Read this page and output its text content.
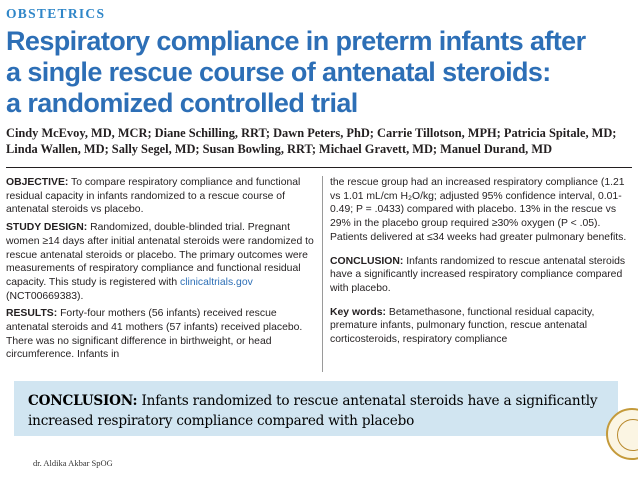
OBSTETRICS
Respiratory compliance in preterm infants after
a single rescue course of antenatal steroids:
a randomized controlled trial
Cindy McEvoy, MD, MCR; Diane Schilling, RRT; Dawn Peters, PhD; Carrie Tillotson, MPH; Patricia Spitale, MD;
Linda Wallen, MD; Sally Segel, MD; Susan Bowling, RRT; Michael Gravett, MD; Manuel Durand, MD

OBJECTIVE: To compare respiratory compliance and functional residual capacity in infants randomized to a rescue course of antenatal steroids vs placebo.

STUDY DESIGN: Randomized, double-blinded trial. Pregnant women ≥14 days after initial antenatal steroids were randomized to rescue antenatal steroids or placebo. The primary outcomes were measurements of respiratory compliance and functional residual capacity. This study is registered with clinicaltrials.gov (NCT00669383).

RESULTS: Forty-four mothers (56 infants) received rescue antenatal steroids and 41 mothers (57 infants) received placebo. There was no significant difference in birthweight, or head circumference. Infants in

the rescue group had an increased respiratory compliance (1.21 vs 1.01 mL/cm H₂O/kg; adjusted 95% confidence interval, 0.01-0.49; P = .0433) compared with placebo. 13% in the rescue vs 29% in the placebo group required ≥30% oxygen (P < .05). Patients delivered at ≤34 weeks had greater pulmonary benefits.

CONCLUSION: Infants randomized to rescue antenatal steroids have a significantly increased respiratory compliance compared with placebo.

Key words: Betamethasone, functional residual capacity, premature infants, pulmonary function, rescue antenatal corticosteroids, respiratory compliance

CONCLUSION: Infants randomized to rescue antenatal steroids have a significantly increased respiratory compliance compared with placebo
dr. Aldika Akbar SpOG
